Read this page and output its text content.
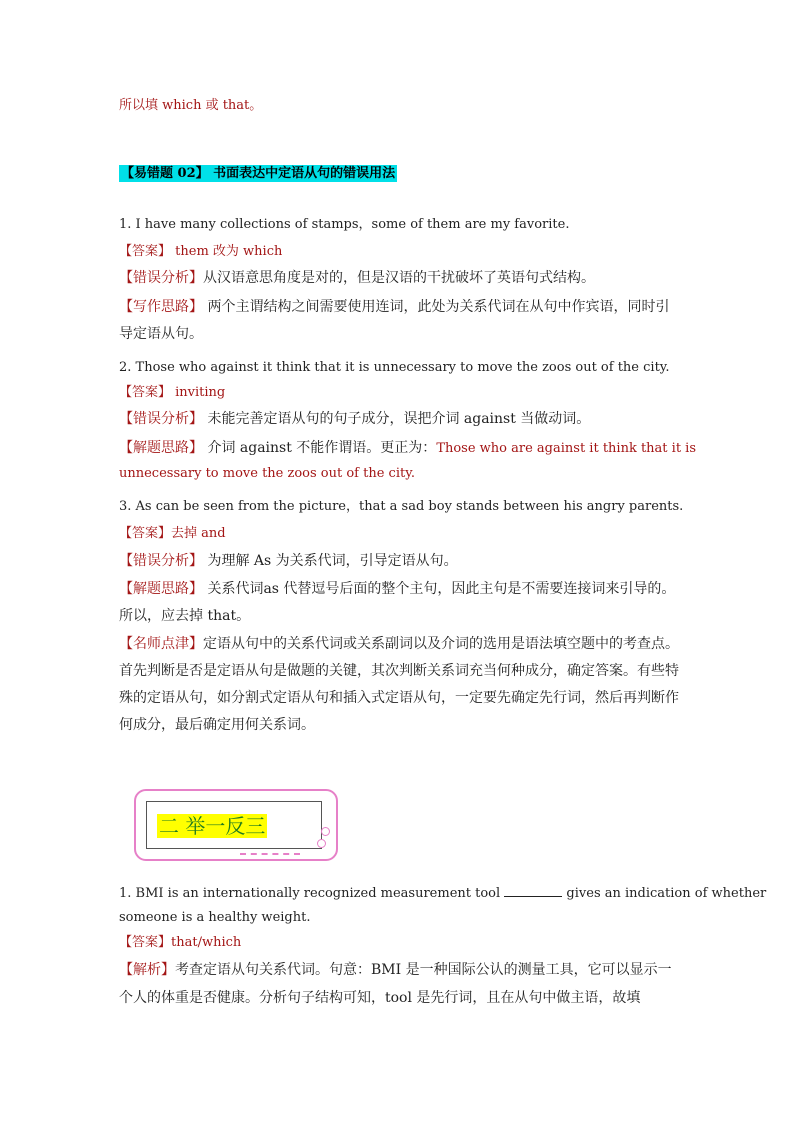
所以填 which 或 that。
【易错题 02】 书面表达中定语从句的错误用法
1. I have many collections of stamps，some of them are my favorite.
【答案】 them 改为 which
【错误分析】从汉语意思角度是对的，但是汉语的干扰破坏了英语句式结构。
【写作思路】 两个主谓结构之间需要使用连词，此处为关系代词在从句中作宾语，同时引
导定语从句。
2. Those who against it think that it is unnecessary to move the zoos out of the city.
【答案】 inviting
【错误分析】 未能完善定语从句的句子成分，误把介词 against 当做动词。
【解题思路】 介词 against 不能作谓语。更正为：Those who are against it think that it is
unnecessary to move the zoos out of the city.
3. As can be seen from the picture，that a sad boy stands between his angry parents.
【答案】去掉 and
【错误分析】 为理解 As 为关系代词，引导定语从句。
【解题思路】 关系代词as 代替逗号后面的整个主句，因此主句是不需要连接词来引导的。
所以，应去掉 that。
【名师点津】定语从句中的关系代词或关系副词以及介词的选用是语法填空题中的考查点。
首先判断是否是定语从句是做题的关键，其次判断关系词充当何种成分，确定答案。有些特
殊的定语从句，如分割式定语从句和插入式定语从句，一定要先确定先行词，然后再判断作
何成分，最后确定用何关系词。
二 举一反三
1. BMI is an internationally recognized measurement tool	gives an indication of whether
someone is a healthy weight.
【答案】that/which
【解析】考查定语从句关系代词。句意：BMI 是一种国际公认的测量工具，它可以显示一
个人的体重是否健康。分析句子结构可知，tool 是先行词，且在从句中做主语，故填
